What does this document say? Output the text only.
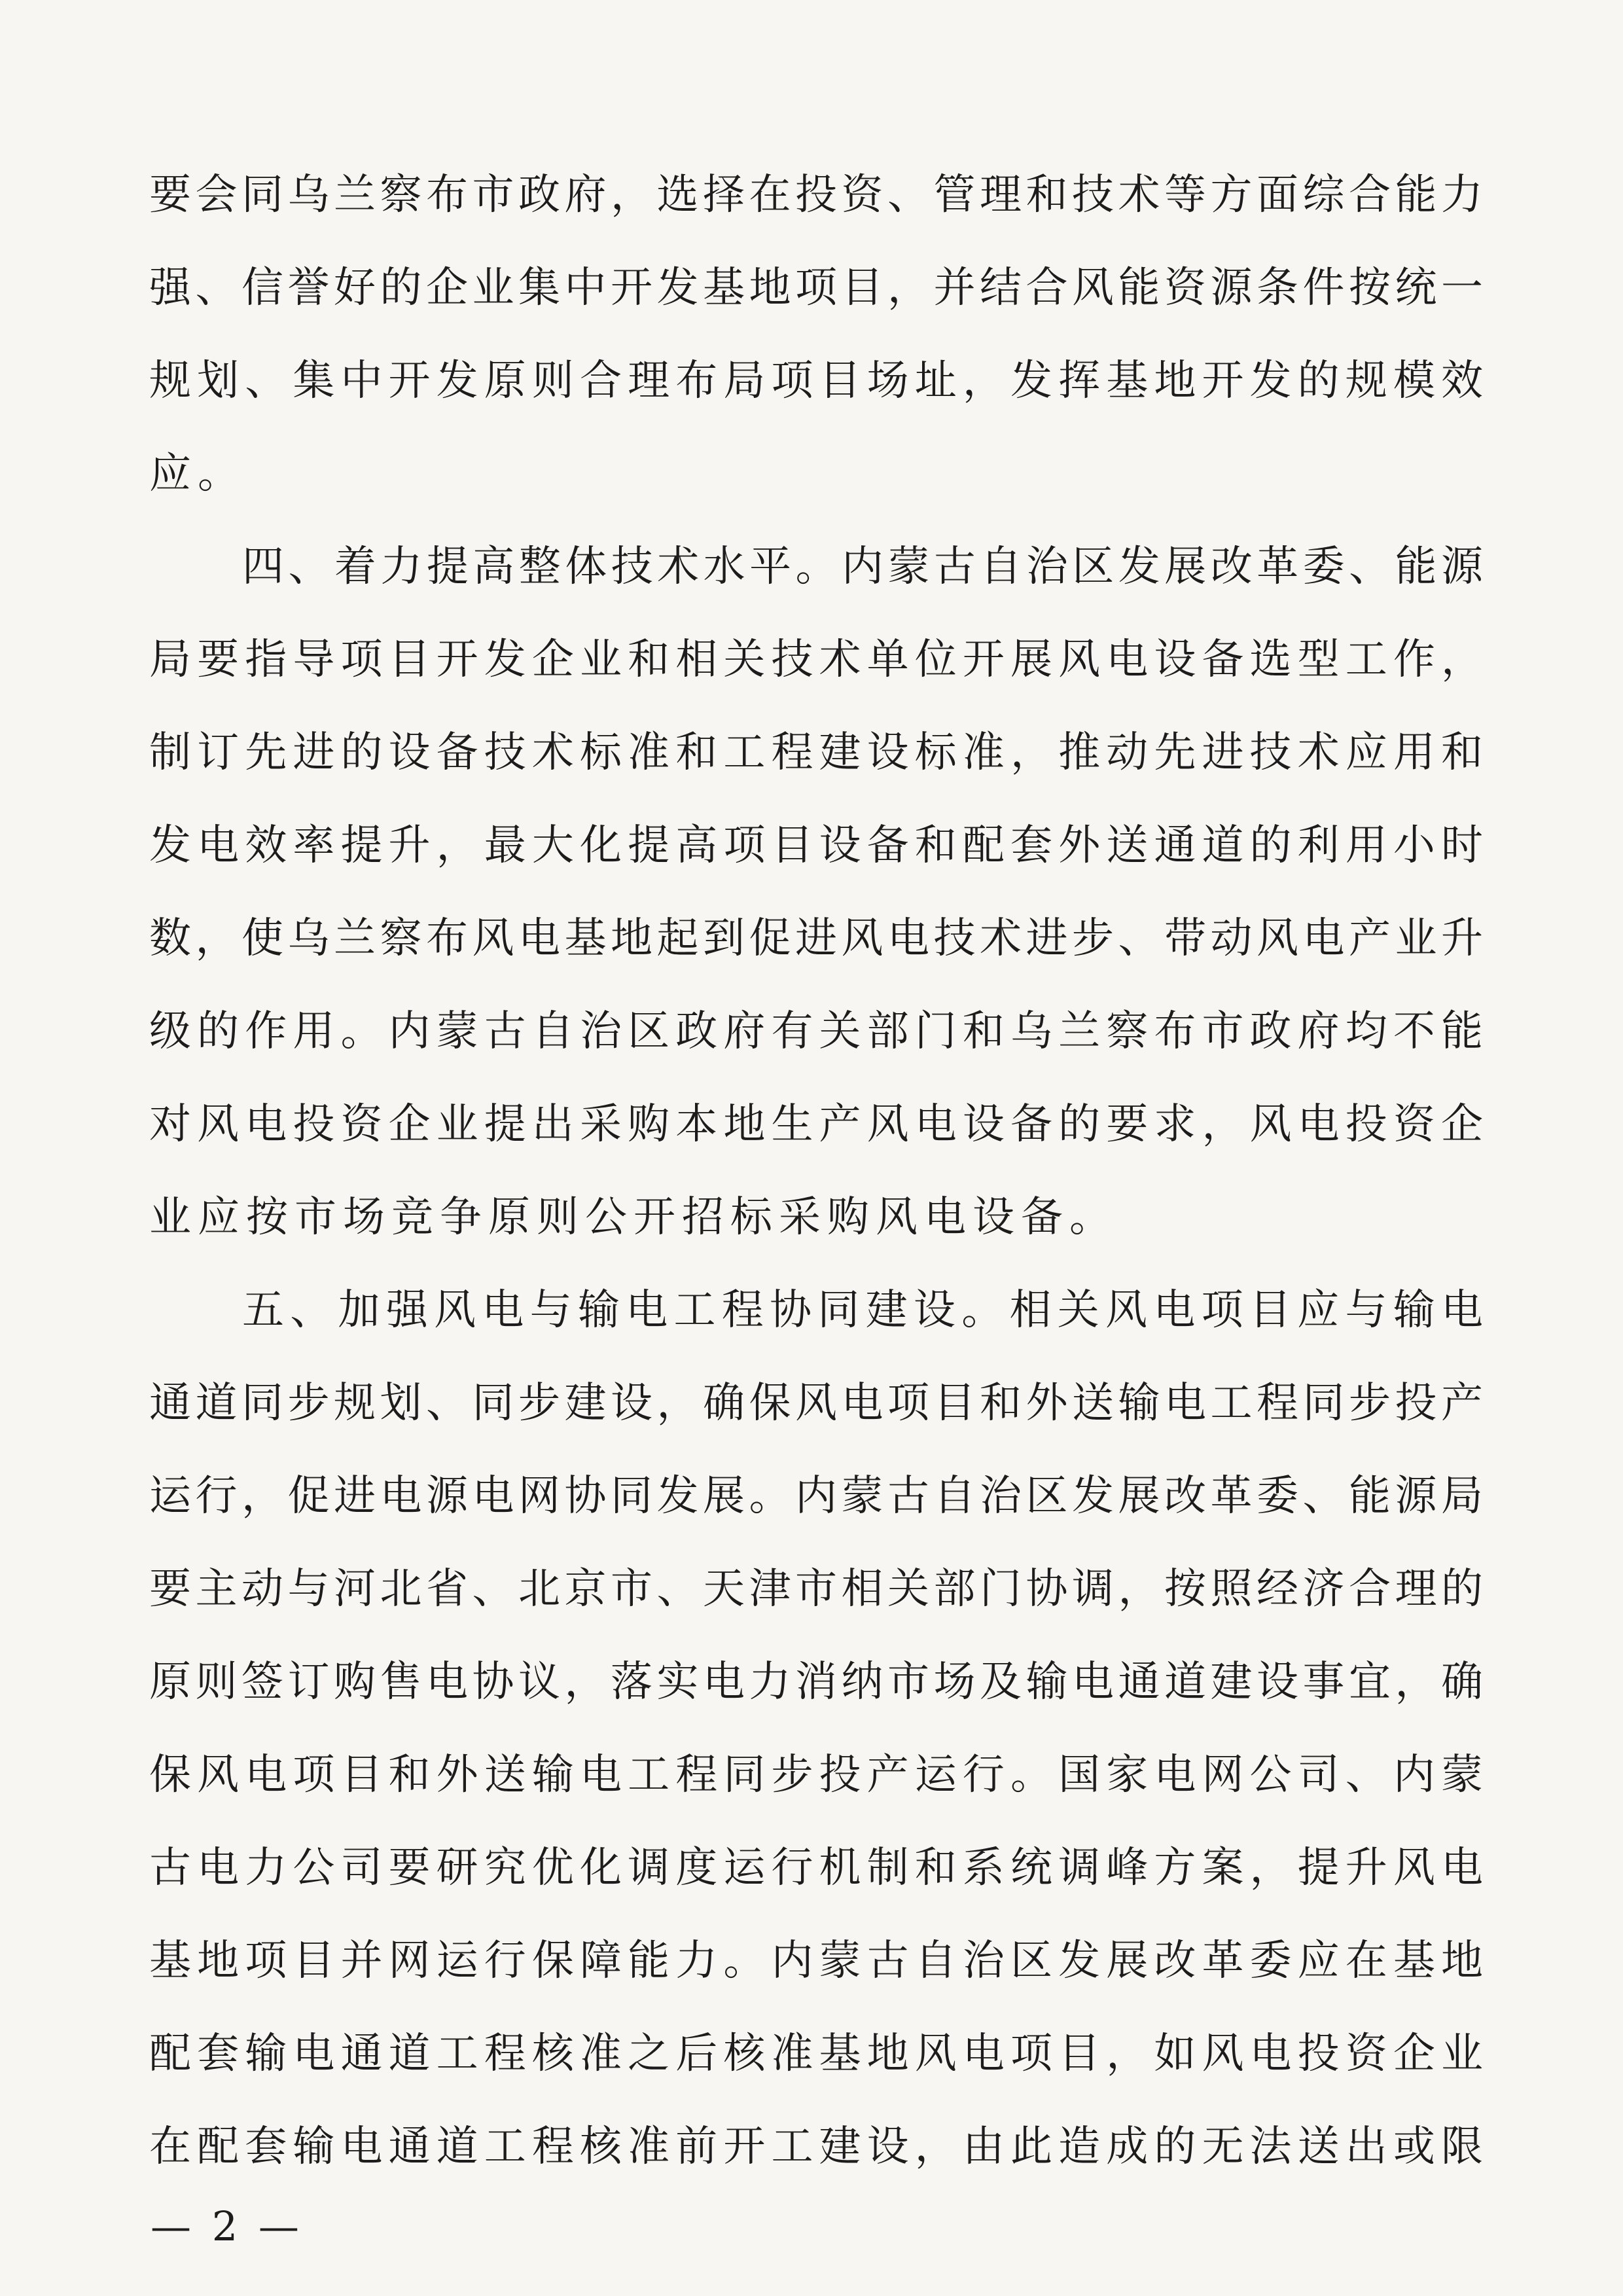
要会同乌兰察布市政府，选择在投资、管理和技术等方面综合能力
强、信誉好的企业集中开发基地项目，并结合风能资源条件按统一
规划、集中开发原则合理布局项目场址，发挥基地开发的规模效
应。
四、着力提高整体技术水平。内蒙古自治区发展改革委、能源
局要指导项目开发企业和相关技术单位开展风电设备选型工作，
制订先进的设备技术标准和工程建设标准，推动先进技术应用和
发电效率提升，最大化提高项目设备和配套外送通道的利用小时
数，使乌兰察布风电基地起到促进风电技术进步、带动风电产业升
级的作用。内蒙古自治区政府有关部门和乌兰察布市政府均不能
对风电投资企业提出采购本地生产风电设备的要求，风电投资企
业应按市场竞争原则公开招标采购风电设备。
五、加强风电与输电工程协同建设。相关风电项目应与输电
通道同步规划、同步建设，确保风电项目和外送输电工程同步投产
运行，促进电源电网协同发展。内蒙古自治区发展改革委、能源局
要主动与河北省、北京市、天津市相关部门协调，按照经济合理的
原则签订购售电协议，落实电力消纳市场及输电通道建设事宜，确
保风电项目和外送输电工程同步投产运行。国家电网公司、内蒙
古电力公司要研究优化调度运行机制和系统调峰方案，提升风电
基地项目并网运行保障能力。内蒙古自治区发展改革委应在基地
配套输电通道工程核准之后核准基地风电项目，如风电投资企业
在配套输电通道工程核准前开工建设，由此造成的无法送出或限
— 2 —
